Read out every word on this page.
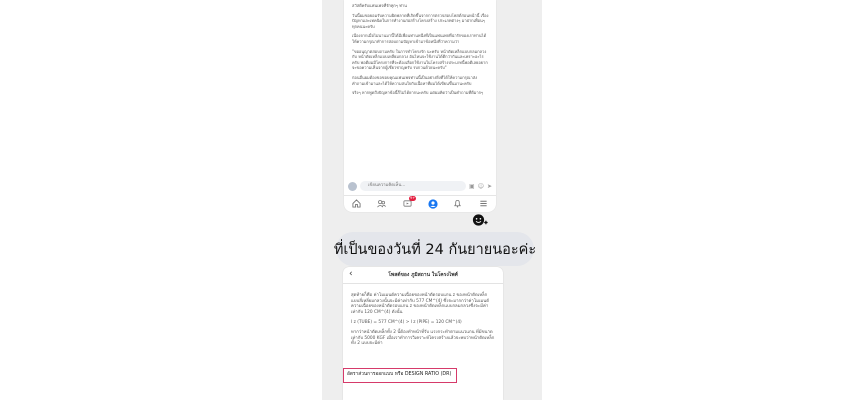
สวัสดีครับแฟนเพจที่รักทุกๆ ท่าน

วันนี้ผมขอยอมรับความผิดพลาดที่เกิดขึ้นจากการตรวจสอบโพสต์ก่อนหน้านี้ เรื่อง ปัญหาและเทคนิคในการทำงานก่อสร้างโครงสร้าง ประเภทต่างๆ มาฝากเพื่อนๆ ทุกคนนะครับ

เนื่องจากเมื่อไม่นานมานี้ได้มีเพื่อนท่านหนึ่งที่เป็นแฟนเพจที่น่ารักของเราท่านได้ให้ความกรุณาทำการสอบถามปัญหาเข้ามาข้อหนึ่งที่ว่าความว่า

"ขออนุญาตสอบถามครับ ในการทำโครงรัก นะครับ หน้าตัดเหล็กแบบกลมกลวง กับ หน้าตัดเหล็กแบบเหลี่ยมกลวง อันไหนจะใช้งานได้ดีกว่ากันและเพราะอะไรครับ พอดีผมมีโครงการที่จะต้องเลือกใช้งานในโครงสร้างประเภทนี้พอดีเลยอยากจะขอความเห็นจากผู้เชี่ยวชาญครับ รบกวนด้วยนะครับ"

ก่อนอื่นผมต้องขอขอบคุณแฟนเพจท่านนี้เป็นอย่างยิ่งที่ได้ให้ความกรุณาส่งคำถามเข้ามาและได้ให้ความสนใจกับเนื้อหาที่ผมได้เขียนขึ้นมานะครับ

จริงๆ หากพูดถึงปัญหาข้อนี้ก็ไม่ได้ยากนะครับ แต่ผมคิดว่าเป็นคำถามที่ดีมากๆ

เขียนความคิดเห็น...	▣ ☺ ➤
9+
ที่เป็นของวันที่ 24 กันยายนอะค่ะ
‹	โพสต์ของ ภูมิสถาน ในโครงไพศ์

สุดท้ายก็คือ ค่าโมเมนต์ความเฉื่อยของหน้าตัดรอบแกน z ของหน้าตัดเหล็กแบบสี่เหลี่ยมกลวงนั้นจะมีค่าเท่ากับ 577 CM^(4) ซึ่งจะมากกว่าค่าโมเมนต์ความเฉื่อยของหน้าตัดรอบแกน z ของหน้าตัดเหล็กแบบกลมกลวงซึ่งจะมีค่าเท่ากับ 120 CM^(4) ดังนั้น

I z (TUBE) = 577 CM^(4) > I z (PIPE) = 120 CM^(4)

หากว่าหน้าตัดเหล็กทั้ง 2 นี้ต้องทำหน้าที่รับ แรงกระทำตามแนวแกน ที่มีขนาดเท่ากับ 5000 KGF เมื่อเราทำการวิเคราะห์โครงสร้างแล้วจะพบว่าหน้าตัดเหล็กทั้ง 2 แบบจะมีค่า

อัตราส่วนการออกแบบ หรือ DESIGN RATIO (DR)
